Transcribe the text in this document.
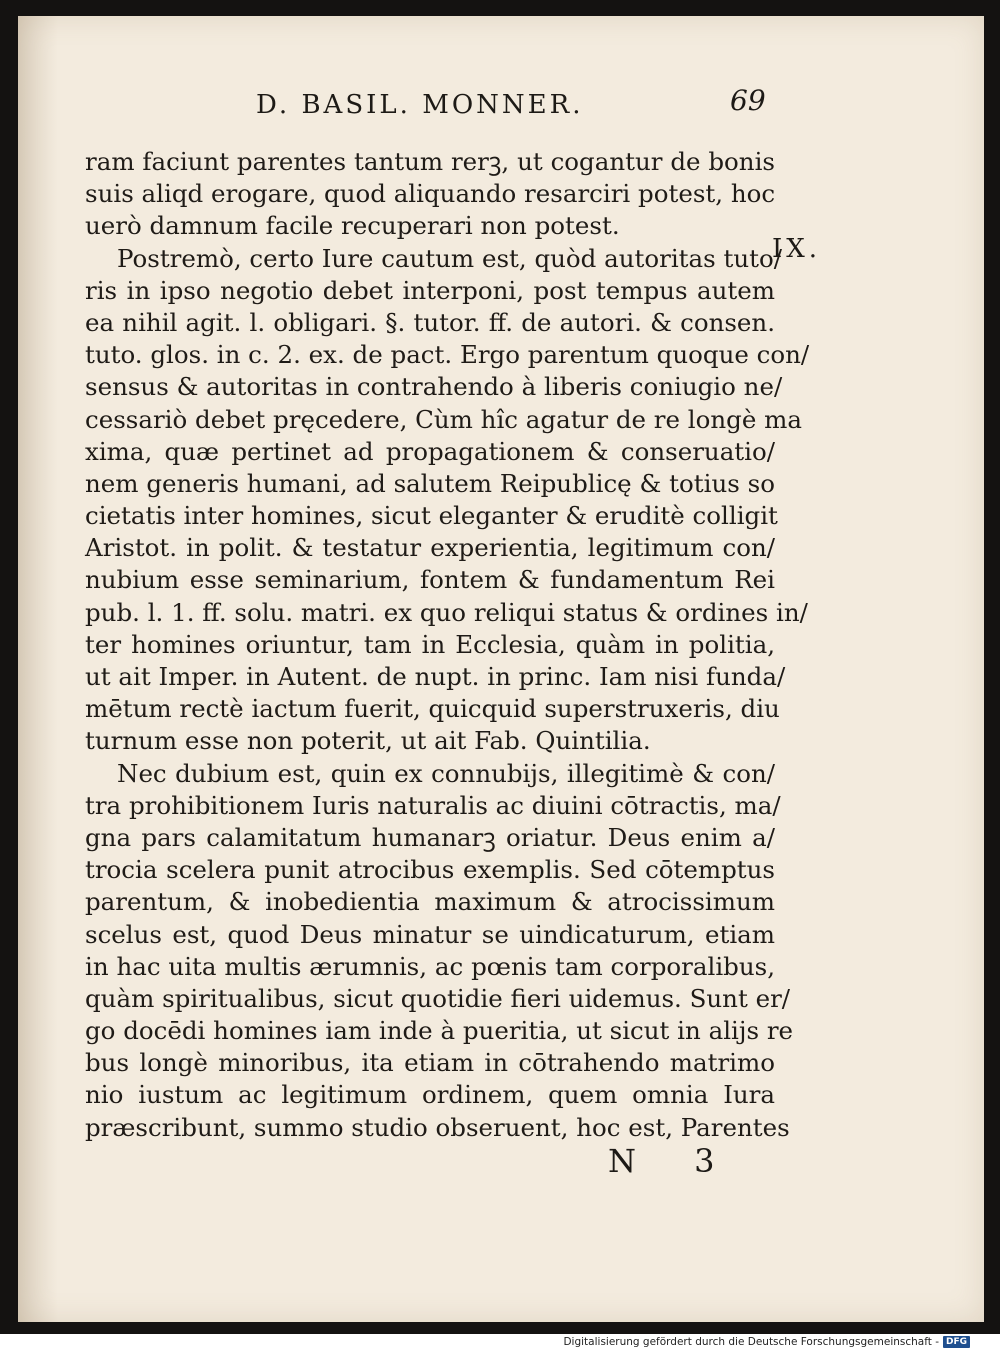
D. BASIL. MONNER.	69
IX.
ram faciunt parentes tantum rerꝫ, ut cogantur de bonis
suis aliqd erogare, quod aliquando resarciri potest, hoc
uerò damnum facile recuperari non potest.
Postremò, certo Iure cautum est, quòd autoritas tuto/
ris in ipso negotio debet interponi, post tempus autem
ea nihil agit. l. obligari. §. tutor. ff. de autori. & consen.
tuto. glos. in c. 2. ex. de pact. Ergo parentum quoque con/
sensus & autoritas in contrahendo à liberis coniugio ne/
cessariò debet pręcedere, Cùm hîc agatur de re longè ma
xima, quæ pertinet ad propagationem & conseruatio/
nem generis humani, ad salutem Reipublicę & totius so
cietatis inter homines, sicut eleganter & eruditè colligit
Aristot. in polit. & testatur experientia, legitimum con/
nubium esse seminarium, fontem & fundamentum Rei
pub. l. 1. ff. solu. matri. ex quo reliqui status & ordines in/
ter homines oriuntur, tam in Ecclesia, quàm in politia,
ut ait Imper. in Autent. de nupt. in princ. Iam nisi funda/
mētum rectè iactum fuerit, quicquid superstruxeris, diu
turnum esse non poterit, ut ait Fab. Quintilia.
Nec dubium est, quin ex connubijs, illegitimè & con/
tra prohibitionem Iuris naturalis ac diuini cōtractis, ma/
gna pars calamitatum humanarꝫ oriatur. Deus enim a/
trocia scelera punit atrocibus exemplis. Sed cōtemptus
parentum, & inobedientia maximum & atrocissimum
scelus est, quod Deus minatur se uindicaturum, etiam
in hac uita multis ærumnis, ac pœnis tam corporalibus,
quàm spiritualibus, sicut quotidie fieri uidemus. Sunt er/
go docēdi homines iam inde à pueritia, ut sicut in alijs re
bus longè minoribus, ita etiam in cōtrahendo matrimo
nio iustum ac legitimum ordinem, quem omnia Iura
præscribunt, summo studio obseruent, hoc est, Parentes
N 3
Digitalisierung gefördert durch die Deutsche Forschungsgemeinschaft - DFG
